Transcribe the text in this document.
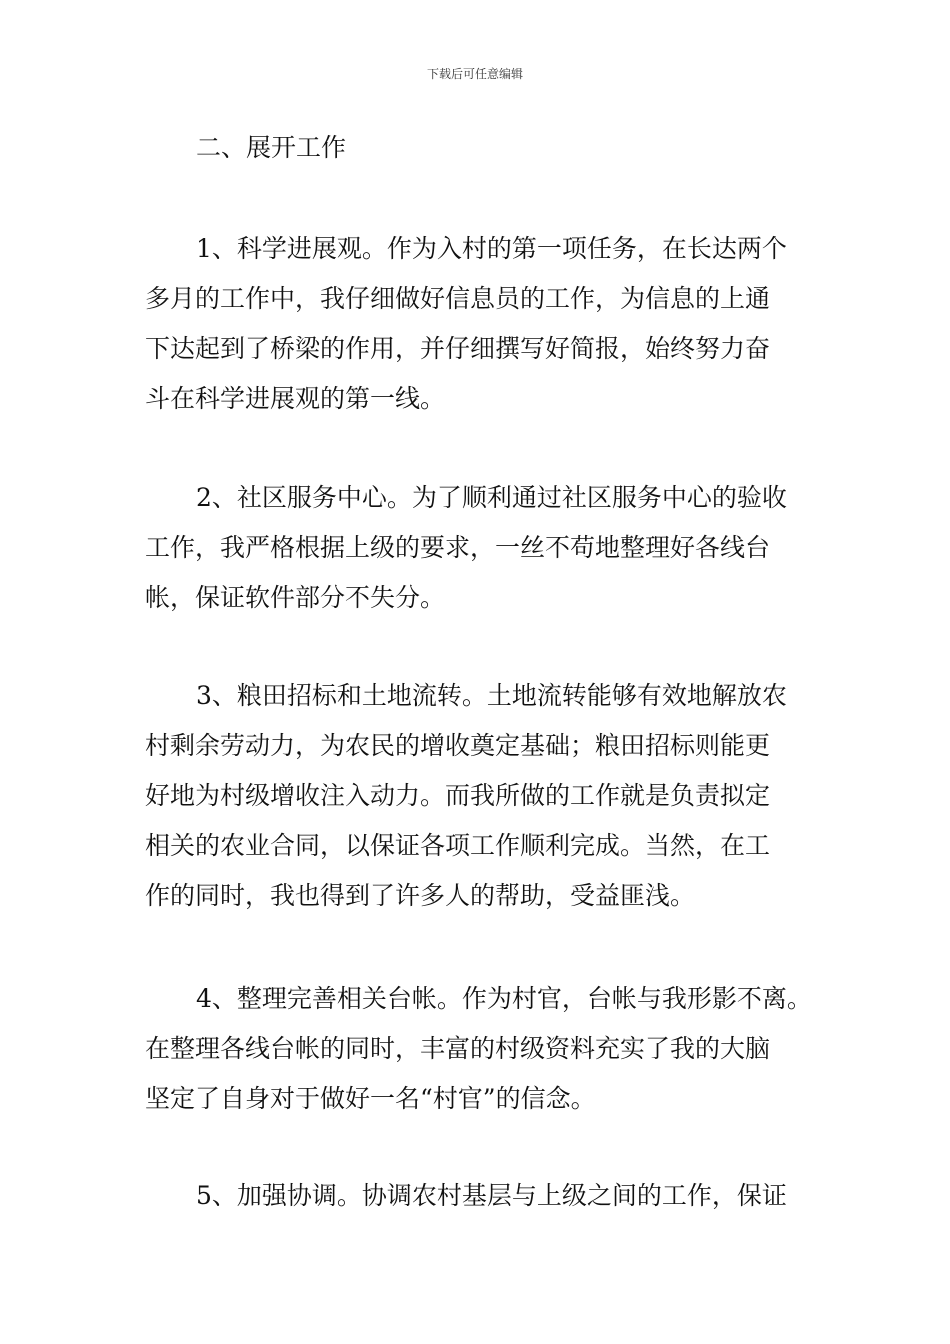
下载后可任意编辑
二、展开工作
1、科学进展观。作为入村的第一项任务，在长达两个
多月的工作中，我仔细做好信息员的工作，为信息的上通
下达起到了桥梁的作用，并仔细撰写好简报，始终努力奋
斗在科学进展观的第一线。
2、社区服务中心。为了顺利通过社区服务中心的验收
工作，我严格根据上级的要求，一丝不苟地整理好各线台
帐，保证软件部分不失分。
3、粮田招标和土地流转。土地流转能够有效地解放农
村剩余劳动力，为农民的增收奠定基础；粮田招标则能更
好地为村级增收注入动力。而我所做的工作就是负责拟定
相关的农业合同，以保证各项工作顺利完成。当然，在工
作的同时，我也得到了许多人的帮助，受益匪浅。
4、整理完善相关台帐。作为村官，台帐与我形影不离。
在整理各线台帐的同时，丰富的村级资料充实了我的大脑
坚定了自身对于做好一名“村官”的信念。
5、加强协调。协调农村基层与上级之间的工作，保证
